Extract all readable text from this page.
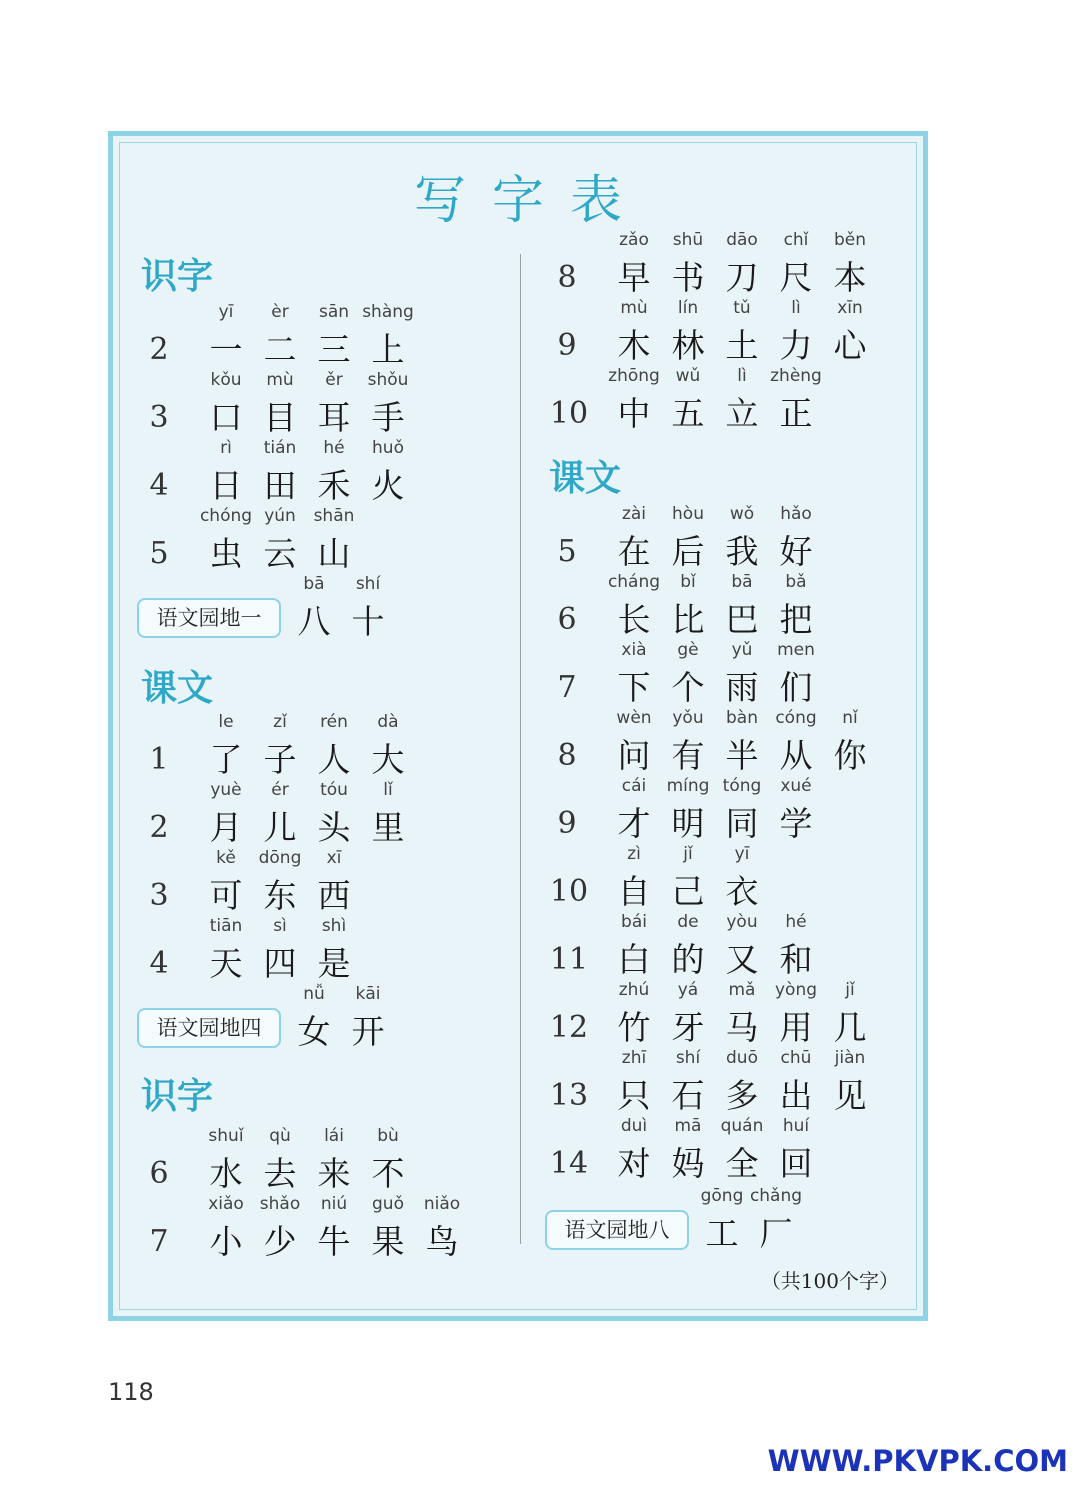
写字表
识字
2
yī
一
èr
二
sān
三
shàng
上
3
kǒu
口
mù
目
ěr
耳
shǒu
手
4
rì
日
tián
田
hé
禾
huǒ
火
5
chóng
虫
yún
云
shān
山
语文园地一
bā
八
shí
十
课文
1
le
了
zǐ
子
rén
人
dà
大
2
yuè
月
ér
儿
tóu
头
lǐ
里
3
kě
可
dōng
东
xī
西
4
tiān
天
sì
四
shì
是
语文园地四
nǚ
女
kāi
开
识字
6
shuǐ
水
qù
去
lái
来
bù
不
7
xiǎo
小
shǎo
少
niú
牛
guǒ
果
niǎo
鸟
8
zǎo
早
shū
书
dāo
刀
chǐ
尺
běn
本
9
mù
木
lín
林
tǔ
土
lì
力
xīn
心
10
zhōng
中
wǔ
五
lì
立
zhèng
正
课文
5
zài
在
hòu
后
wǒ
我
hǎo
好
6
cháng
长
bǐ
比
bā
巴
bǎ
把
7
xià
下
gè
个
yǔ
雨
men
们
8
wèn
问
yǒu
有
bàn
半
cóng
从
nǐ
你
9
cái
才
míng
明
tóng
同
xué
学
10
zì
自
jǐ
己
yī
衣
11
bái
白
de
的
yòu
又
hé
和
12
zhú
竹
yá
牙
mǎ
马
yòng
用
jǐ
几
13
zhī
只
shí
石
duō
多
chū
出
jiàn
见
14
duì
对
mā
妈
quán
全
huí
回
语文园地八
gōng
工
chǎng
厂
（共100个字）
118
WWW.PKVPK.COM
